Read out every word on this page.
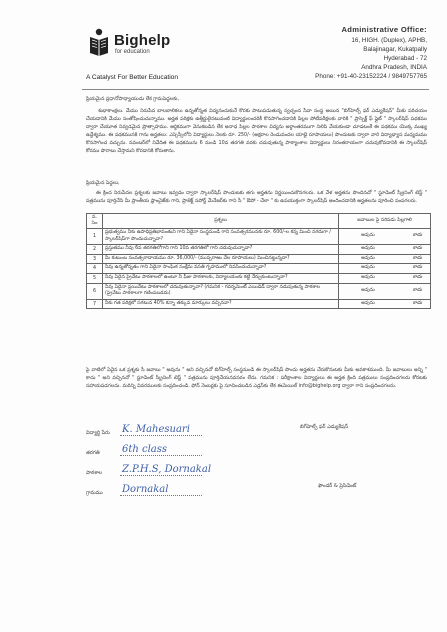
Bighelp
for education
A Catalyst For Better Education
Administrative Office:
16, HIGH. (Duplex), APHB,
Balajinagar, Kukatpally
Hyderabad - 72
Andhra Pradesh, INDIA
Phone: +91-40-23152224 / 9849757765
ప్రియమైన ప్రధానోపాధ్యాయుడు లేక గ్రామపెద్దలకు,
శుభాకాంక్షలు. మేము నిరుపేద బాలబాలికలు ఉన్నతోన్నత విద్యనందుకునే కొరకు పాటుపడుతున్న స్వచ్ఛంద సేవా సంస్థ అయిన "బిగ్‌హెల్ప్ ఫర్ ఎడ్యుకేషన్" మీకు పరిచయం చేయడానికి మేము సంతోషించుచున్నాము. అర్హత పరిక్షకు ఉత్తీర్ణులైనటువంటి విద్యార్థులందరికీ కొనసాగించడానికి పిల్లల పోటీపరీక్షలకు వారికి " ప్రాస్పెక్ట్ ఫ్ ఫ్లైట్ " స్కాలర్‌షిప్ పథకము ద్వారా చేయూత నివ్వడమైన ప్రొత్సాహము. ఆర్థికముగా వెనుకబడిన లేక అనాధ పిల్లల పాఠశాల విద్యను అర్థాంతరముగా నిలిపి వేయకుండా చూడటంకే ఈ పథకము యొక్క ముఖ్య ఉద్దేశ్యము. ఈ పథకమునకి గాను అర్హతలు: ఎస్సెస్సీలోని విద్యార్థులు నెలకు రూ. 250/- (అక్షరాల రెండువందల యాభై రూపాయలు) పొందుటకు ద్వారా వారి విద్యాభ్యాస మధ్యమము కొనసాగించ వచ్చును. నవంబర్‌లో నివేదిత ఈ పథకమును 6 నుండి 10వ తరగతి వరకు చదువుతున్న పాఠ్యాంశాల విద్యార్థులు నిరంతరాయంగా చదువుకోవడానికి ఈ స్కాలర్‌షిప్ కోరము పొరాబు చేస్తామని కొరడానికి కోరుతాను.
ప్రియమైన పెద్దలు,
ఈ క్రింద నిరుపేదల ప్రశ్నలకు జవాబు ఇవ్వడం ద్వారా స్కాలర్‌షిప్ పొందుటకు తగు అర్హతను నిర్ణయించుకొనగలరు. ఒక వేళ అర్హతను పొందినచో " స్టూడెంట్ స్క్రీనింగ్ టెస్ట్ " పత్రమును పూర్తిచేసి మీ ప్రాంతీయ ఫ్రాంచైజ్‌కు గాని, ప్రాజెక్ట్ సపోర్ట్ మేనేజర్‌కు గాని సీ " ఔపో - చేలా " కు ఉపయుక్తంగా స్కాలర్‌షిప్ అందించడానికి అర్హతలను పూరించి పంపగలరు.
వ. సెం	ప్రశ్నలు	జవాబుల పై సరిపడు పిల్లగాలి
1	ప్రభుత్వము నీకు ఉపాధిప్రతిభావంతుని గాని ఏదైనా సంస్థనుండి గాని సంవత్సరమునకు రూ. 600/-ల కన్న మించి నగదుగా / స్కాలర్‌షిప్‌గా పొందుచున్నావా?	అవును కాదు

2	ప్రస్తుతము నీవు 6వ తరగతిలోగాని గాని 10వ తరగతిలో గాని చదువుచున్నావా?	అవును కాదు

3	మీ కుటుంబ సంవత్సరాదాయము రూ. 36,000/- (ముప్పరాఱు వేల రూపాయలు) మించినట్టున్నదా?	అవును కాదు

4	నీవు ఉన్నతోన్నతం గాని ఏదైనా సాంఘిక సంక్షేమ వసతి గృహములో నివసించుచున్నావా?	అవును కాదు

5	నీవు ఏదైన ప్రైవేటు పాఠశాలలో ఉంటూ నీ ఫీజు పాఠశాలకు, విద్యాలయంకు కట్టి నేర్చుకుంటున్నావా?	అవును కాదు

6	నీవు ఏదైనా ప్రయివేటు పాఠశాలలో చదువుతున్నావా? (గమనిక - గవర్నమెంట్ ఎయిడెడ్ ద్వారా నడుపుతున్న పాఠశాల (ప్రైవేటు పాఠశాలగా గణింపబడదు)	అవును కాదు

7	నీకు గత పరిక్షలో సగటున 40% కన్నా తక్కువ మార్కులు వచ్చినవా?	అవును కాదు
పై వాటిలో ఏదైన ఒక ప్రశ్నకు సీ జవాబు " అవును " అని వచ్చినచో బిగ్‌హెల్ప్ సంస్థనుండి ఈ స్కాలర్‌షిప్ పొందు అర్హతను చేరుకొనుటకు మీకు అవకాశముంది. మీ జవాబులు అన్ని " కాదు " అని వచ్చినచో " స్టూడెంట్ స్క్రీనింగ్ టెస్ట్ " పత్రమును పూర్తిచేయనవసరం లేదు. గమనిక : పరీక్షాంశాల విద్యార్థులు ఈ అర్హత క్రింది పత్రములు సంప్రదించగలరు కోరటకు సహాయపడగలదు. మరిన్ని వివరములకు సంప్రదించండి. ఫోన్ నెంబర్లకు పై సూచించబడిన ఎడ్రస్‌కు లేక ఈమెయిల్ info@bighelp.org ద్వారా గాని సంప్రదించగలరు.
విద్యార్థి పేరు	K. Mahesuari
తరగతి	6th class
పాఠశాల	Z.P.H.S, Dornakal
గ్రామము	Dornakal
బిగ్‌హెల్ప్ ఫర్ ఎడ్యుకేషన్
ఫౌండర్ & ప్రెసిడెంట్
